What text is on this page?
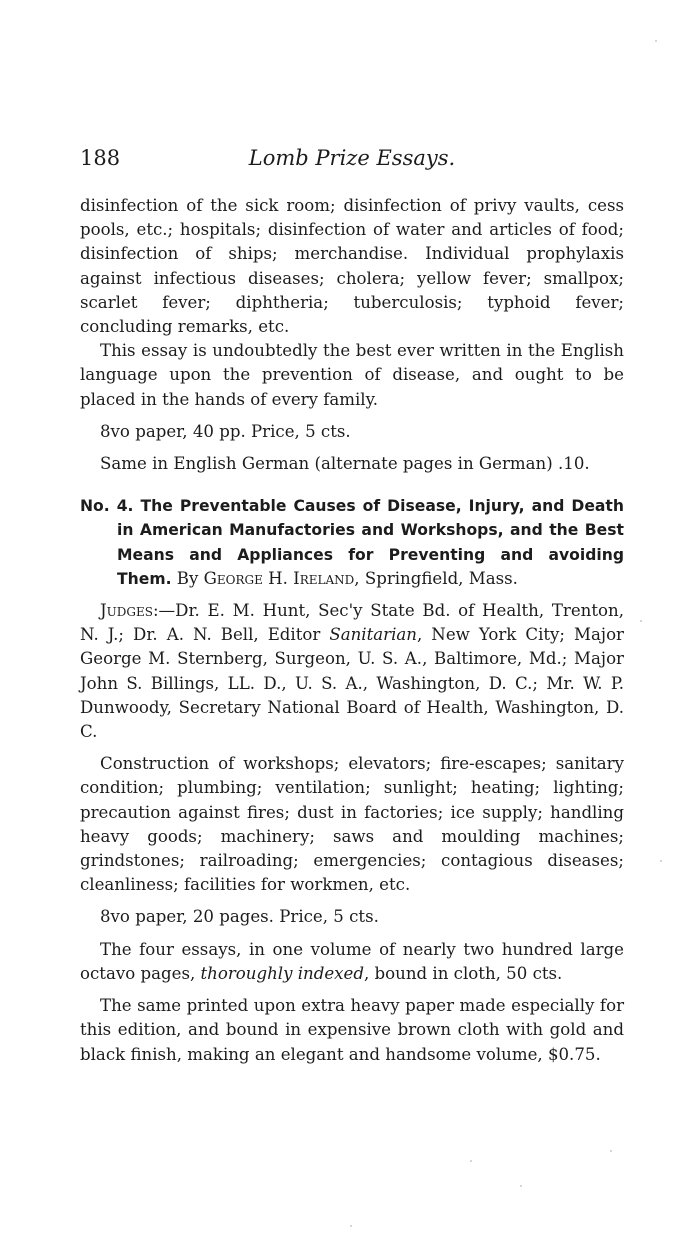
188	Lomb Prize Essays.

disinfection of the sick room; disinfection of privy vaults, cess pools, etc.; hospitals; disinfection of water and articles of food; disinfection of ships; merchandise. Individual prophylaxis against infectious diseases; cholera; yellow fever; smallpox; scarlet fever; diphtheria; tuberculosis; typhoid fever; concluding remarks, etc.

This essay is undoubtedly the best ever written in the English language upon the prevention of disease, and ought to be placed in the hands of every family.

8vo paper, 40 pp. Price, 5 cts.

Same in English German (alternate pages in German) .10.

No. 4. The Preventable Causes of Disease, Injury, and Death in American Manufactories and Workshops, and the Best Means and Appliances for Preventing and avoiding Them. By George H. Ireland, Springfield, Mass.

Judges:—Dr. E. M. Hunt, Sec'y State Bd. of Health, Trenton, N. J.; Dr. A. N. Bell, Editor Sanitarian, New York City; Major George M. Sternberg, Surgeon, U. S. A., Baltimore, Md.; Major John S. Billings, LL. D., U. S. A., Washington, D. C.; Mr. W. P. Dunwoody, Secretary National Board of Health, Washington, D. C.

Construction of workshops; elevators; fire-escapes; sanitary condition; plumbing; ventilation; sunlight; heating; lighting; precaution against fires; dust in factories; ice supply; handling heavy goods; machinery; saws and moulding machines; grindstones; railroading; emergencies; contagious diseases; cleanliness; facilities for workmen, etc.

8vo paper, 20 pages. Price, 5 cts.

The four essays, in one volume of nearly two hundred large octavo pages, thoroughly indexed, bound in cloth, 50 cts.

The same printed upon extra heavy paper made especially for this edition, and bound in expensive brown cloth with gold and black finish, making an elegant and handsome volume, $0.75.
